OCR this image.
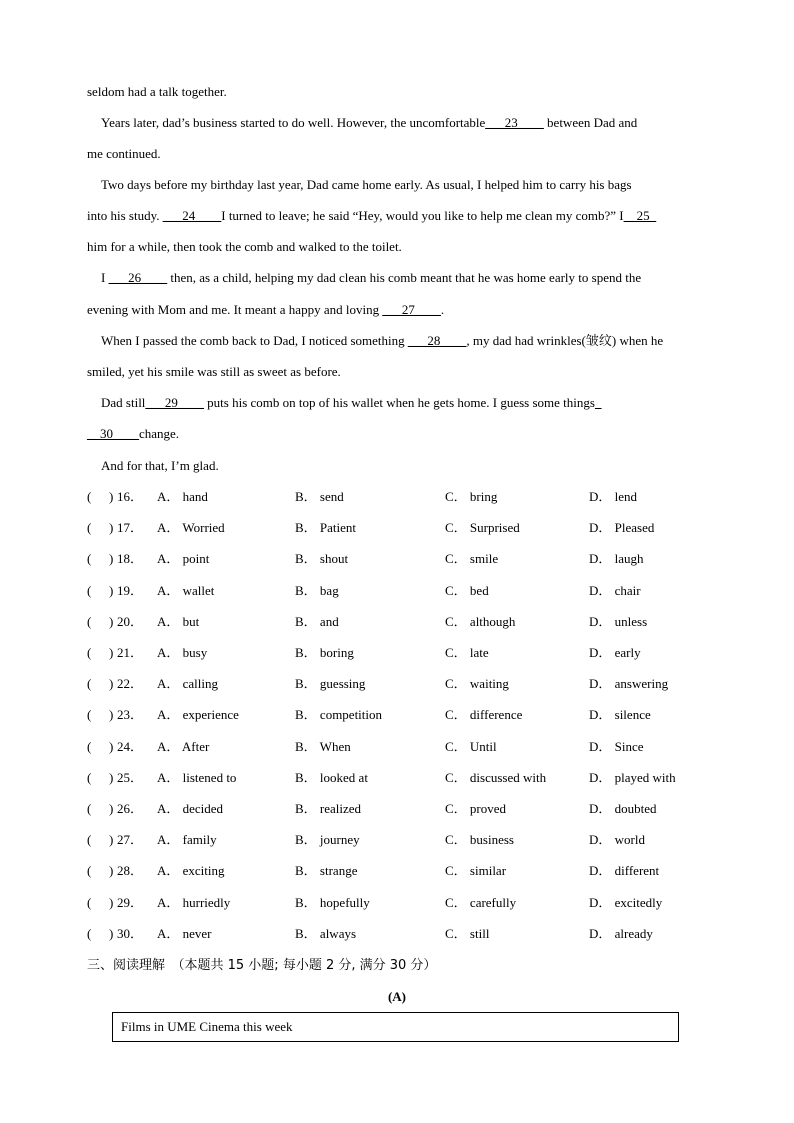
seldom had a talk together.
Years later, dad’s business started to do well. However, the uncomfortable___23____ between Dad and
me continued.
Two days before my birthday last year, Dad came home early. As usual, I helped him to carry his bags
into his study. ___24____I turned to leave; he said “Hey, would you like to help me clean my comb?” I__25_
him for a while, then took the comb and walked to the toilet.
I ___26____ then, as a child, helping my dad clean his comb meant that he was home early to spend the
evening with Mom and me. It meant a happy and loving ___27____.
When I passed the comb back to Dad, I noticed something ___28____, my dad had wrinkles(皱纹) when he
smiled, yet his smile was still as sweet as before.
Dad still___29____ puts his comb on top of his wallet when he gets home. I guess some things_
__30____change.
And for that, I’m glad.
( ) 16． A． hand	B． send	C． bring	D． lend
( ) 17． A． Worried	B． Patient	C． Surprised	D． Pleased
( ) 18． A． point	B． shout	C． smile	D． laugh
( ) 19． A． wallet	B． bag	C． bed	D． chair
( ) 20． A． but	B． and	C． although	D． unless
( ) 21． A． busy	B． boring	C． late	D． early
( ) 22． A． calling	B． guessing	C． waiting	D． answering
( ) 23． A． experience	B． competition	C． difference	D． silence
( ) 24． A． After	B． When	C． Until	D． Since
( ) 25． A． listened to	B． looked at	C． discussed with	D． played with
( ) 26． A． decided	B． realized	C． proved	D． doubted
( ) 27． A． family	B． journey	C． business	D． world
( ) 28． A． exciting	B． strange	C． similar	D． different
( ) 29． A． hurriedly	B． hopefully	C． carefully	D． excitedly
( ) 30． A． never	B． always	C． still	D． already
三、阅读理解　（本题共 15 小题; 每小题 2 分, 满分 30 分）
(A)
Films in UME Cinema this week
